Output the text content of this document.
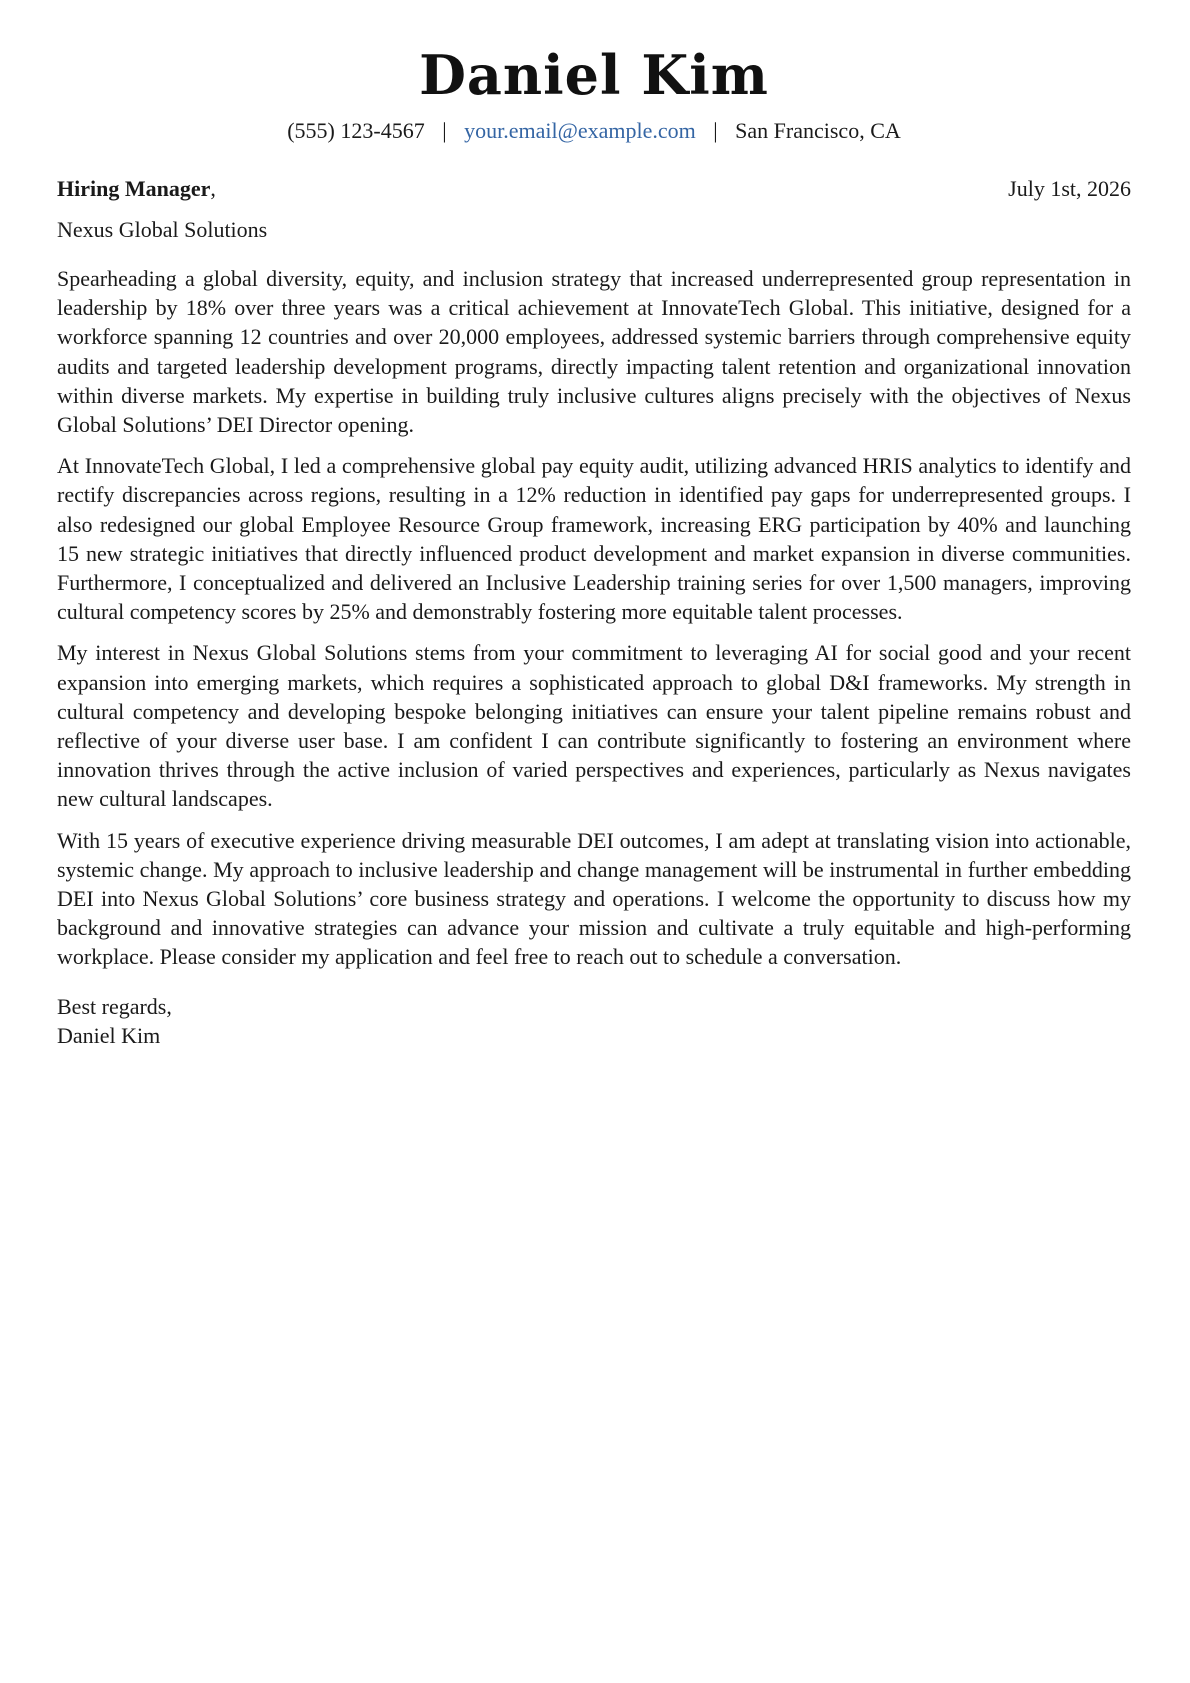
Daniel Kim
(555) 123-4567 | your.email@example.com | San Francisco, CA
Hiring Manager,	July 1st, 2026
Nexus Global Solutions

Spearheading a global diversity, equity, and inclusion strategy that increased underrepresented group representation in leadership by 18% over three years was a critical achievement at InnovateTech Global. This initiative, designed for a workforce spanning 12 countries and over 20,000 employees, addressed systemic barriers through comprehensive equity audits and targeted leadership development programs, directly impacting talent retention and organizational innovation within diverse markets. My expertise in building truly inclusive cultures aligns precisely with the objectives of Nexus Global Solutions’ DEI Director opening.

At InnovateTech Global, I led a comprehensive global pay equity audit, utilizing advanced HRIS analytics to identify and rectify discrepancies across regions, resulting in a 12% reduction in identified pay gaps for underrepresented groups. I also redesigned our global Employee Resource Group framework, increasing ERG participation by 40% and launching 15 new strategic initiatives that directly influenced product development and market expansion in diverse communities. Furthermore, I conceptualized and delivered an Inclusive Leadership training series for over 1,500 managers, improving cultural competency scores by 25% and demonstrably fostering more equitable talent processes.

My interest in Nexus Global Solutions stems from your commitment to leveraging AI for social good and your recent expansion into emerging markets, which requires a sophisticated approach to global D&I frameworks. My strength in cultural competency and developing bespoke belonging initiatives can ensure your talent pipeline remains robust and reflective of your diverse user base. I am confident I can contribute significantly to fostering an environment where innovation thrives through the active inclusion of varied perspectives and experiences, particularly as Nexus navigates new cultural landscapes.

With 15 years of executive experience driving measurable DEI outcomes, I am adept at translating vision into actionable, systemic change. My approach to inclusive leadership and change management will be instrumental in further embedding DEI into Nexus Global Solutions’ core business strategy and operations. I welcome the opportunity to discuss how my background and innovative strategies can advance your mission and cultivate a truly equitable and high-performing workplace. Please consider my application and feel free to reach out to schedule a conversation.

Best regards,
Daniel Kim
